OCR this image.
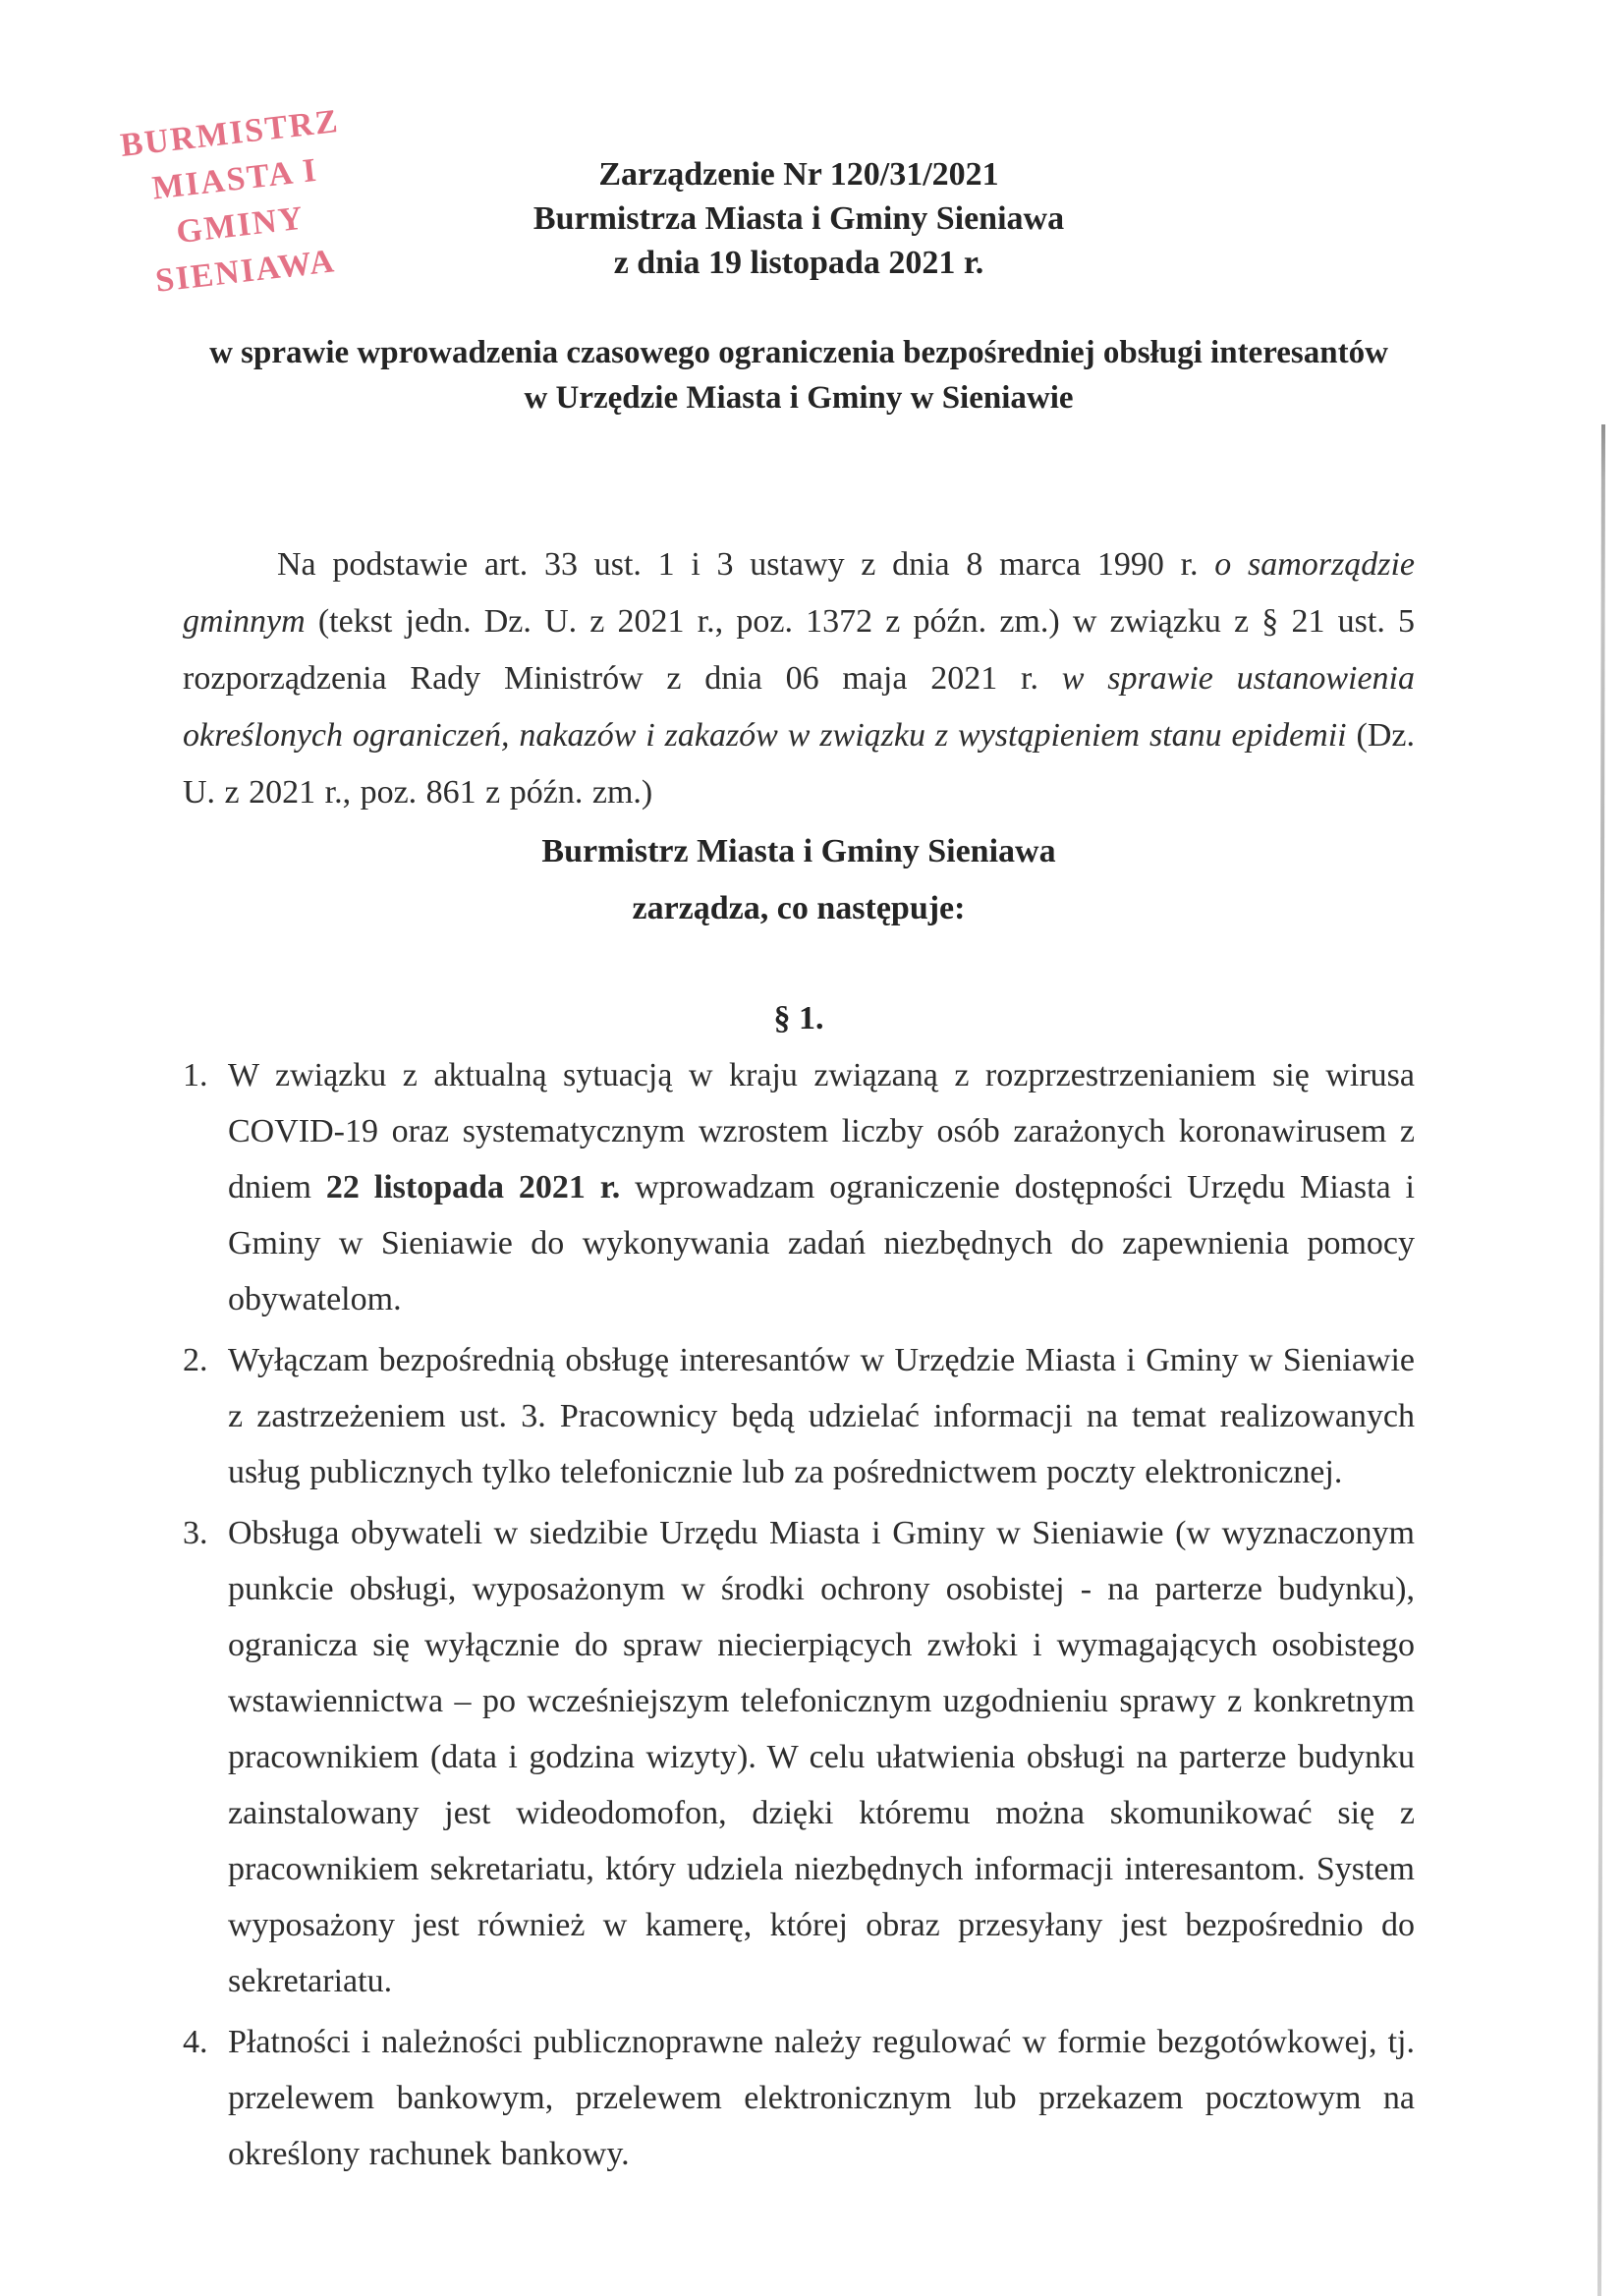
BURMISTRZ
MIASTA I GMINY
SIENIAWA
Zarządzenie Nr 120/31/2021
Burmistrza Miasta i Gminy Sieniawa
z dnia 19 listopada 2021 r.
w sprawie wprowadzenia czasowego ograniczenia bezpośredniej obsługi interesantów
w Urzędzie Miasta i Gminy w Sieniawie
Na podstawie art. 33 ust. 1 i 3 ustawy z dnia 8 marca 1990 r. o samorządzie gminnym (tekst jedn. Dz. U. z 2021 r., poz. 1372 z późn. zm.) w związku z § 21 ust. 5 rozporządzenia Rady Ministrów z dnia 06 maja 2021 r. w sprawie ustanowienia określonych ograniczeń, nakazów i zakazów w związku z wystąpieniem stanu epidemii (Dz. U. z 2021 r., poz. 861 z późn. zm.)
Burmistrz Miasta i Gminy Sieniawa
zarządza, co następuje:
§ 1.
1. W związku z aktualną sytuacją w kraju związaną z rozprzestrzenianiem się wirusa COVID-19 oraz systematycznym wzrostem liczby osób zarażonych koronawirusem z dniem 22 listopada 2021 r. wprowadzam ograniczenie dostępności Urzędu Miasta i Gminy w Sieniawie do wykonywania zadań niezbędnych do zapewnienia pomocy obywatelom.
2. Wyłączam bezpośrednią obsługę interesantów w Urzędzie Miasta i Gminy w Sieniawie z zastrzeżeniem ust. 3. Pracownicy będą udzielać informacji na temat realizowanych usług publicznych tylko telefonicznie lub za pośrednictwem poczty elektronicznej.
3. Obsługa obywateli w siedzibie Urzędu Miasta i Gminy w Sieniawie (w wyznaczonym punkcie obsługi, wyposażonym w środki ochrony osobistej - na parterze budynku), ogranicza się wyłącznie do spraw niecierpiących zwłoki i wymagających osobistego wstawiennictwa – po wcześniejszym telefonicznym uzgodnieniu sprawy z konkretnym pracownikiem (data i godzina wizyty). W celu ułatwienia obsługi na parterze budynku zainstalowany jest wideodomofon, dzięki któremu można skomunikować się z pracownikiem sekretariatu, który udziela niezbędnych informacji interesantom. System wyposażony jest również w kamerę, której obraz przesyłany jest bezpośrednio do sekretariatu.
4. Płatności i należności publicznoprawne należy regulować w formie bezgotówkowej, tj. przelewem bankowym, przelewem elektronicznym lub przekazem pocztowym na określony rachunek bankowy.
